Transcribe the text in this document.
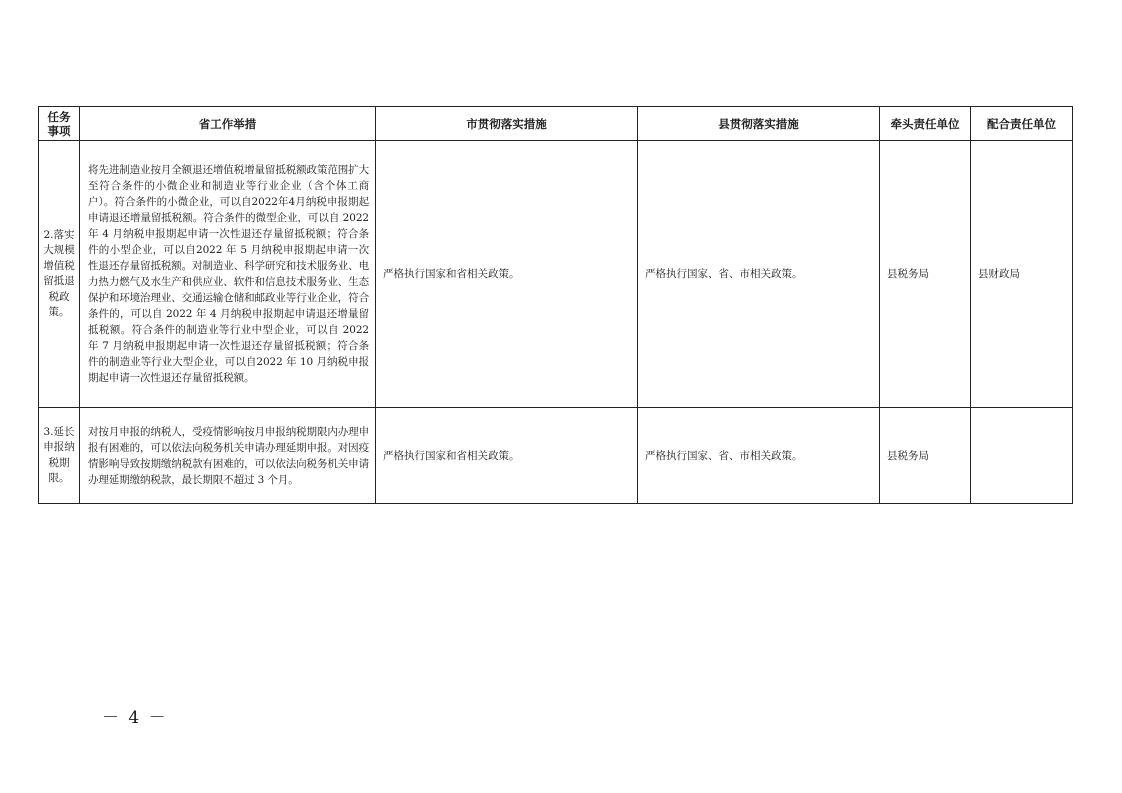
任务事项	省工作举措	市贯彻落实措施	县贯彻落实措施	牵头责任单位	配合责任单位
2.落实大规模增值税留抵退税政策。	将先进制造业按月全额退还增值税增量留抵税额政策范围扩大至符合条件的小微企业和制造业等行业企业（含个体工商户）。符合条件的小微企业，可以自2022年4月纳税申报期起申请退还增量留抵税额。符合条件的微型企业，可以自 2022 年 4 月纳税申报期起申请一次性退还存量留抵税额；符合条件的小型企业，可以自2022 年 5 月纳税申报期起申请一次性退还存量留抵税额。对制造业、科学研究和技术服务业、电力热力燃气及水生产和供应业、软件和信息技术服务业、生态保护和环境治理业、交通运输仓储和邮政业等行业企业，符合条件的，可以自 2022 年 4 月纳税申报期起申请退还增量留抵税额。符合条件的制造业等行业中型企业，可以自 2022 年 7 月纳税申报期起申请一次性退还存量留抵税额；符合条件的制造业等行业大型企业，可以自2022 年 10 月纳税申报期起申请一次性退还存量留抵税额。	严格执行国家和省相关政策。	严格执行国家、省、市相关政策。	县税务局	县财政局
3.延长申报纳税期限。	对按月申报的纳税人，受疫情影响按月申报纳税期限内办理申报有困难的，可以依法向税务机关申请办理延期申报。对因疫情影响导致按期缴纳税款有困难的，可以依法向税务机关申请办理延期缴纳税款，最长期限不超过 3 个月。	严格执行国家和省相关政策。	严格执行国家、省、市相关政策。	县税务局	
－ 4 －
